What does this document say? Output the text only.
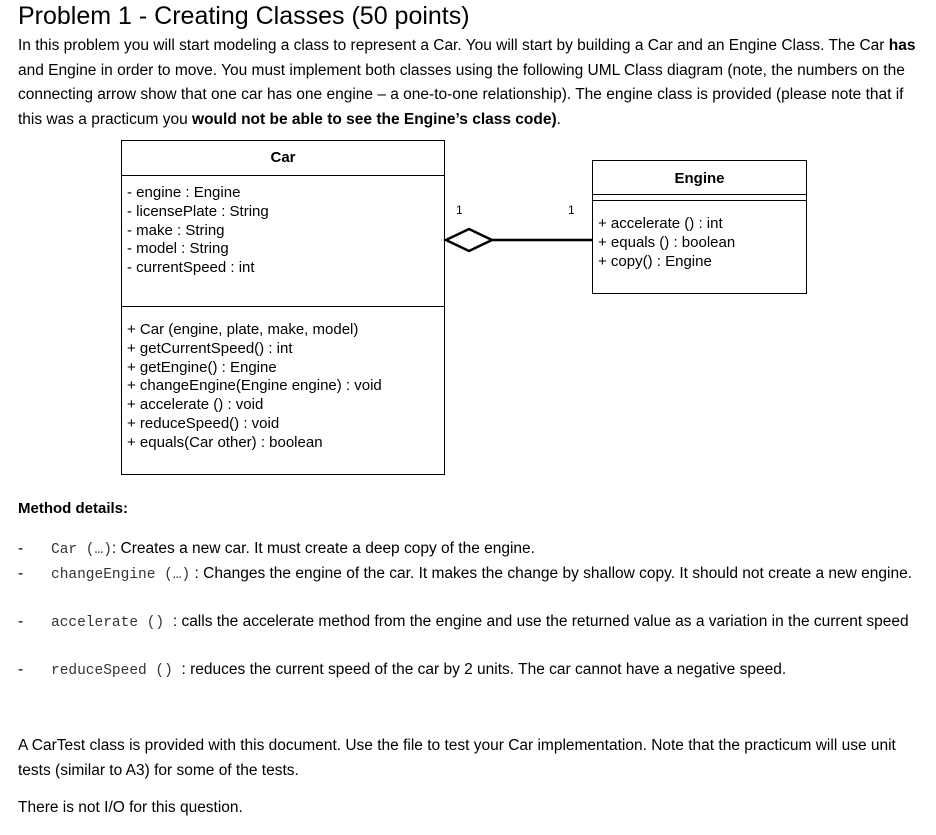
Problem 1 - Creating Classes (50 points)
In this problem you will start modeling a class to represent a Car. You will start by building a Car and an Engine Class. The Car has and Engine in order to move. You must implement both classes using the following UML Class diagram (note, the numbers on the connecting arrow show that one car has one engine – a one-to-one relationship). The engine class is provided (please note that if this was a practicum you would not be able to see the Engine’s class code).
Car
- engine : Engine
- licensePlate : String
- make : String
- model : String
- currentSpeed : int
+ Car (engine, plate, make, model)
+ getCurrentSpeed() : int
+ getEngine() : Engine
+ changeEngine(Engine engine) : void
+ accelerate () : void
+ reduceSpeed() : void
+ equals(Car other) : boolean
Engine
+ accelerate () : int
+ equals () : boolean
+ copy() : Engine
1	1
Method details:
- Car (…): Creates a new car. It must create a deep copy of the engine.
- changeEngine (…) : Changes the engine of the car. It makes the change by shallow copy. It should not create a new engine.
- accelerate () : calls the accelerate method from the engine and use the returned value as a variation in the current speed
- reduceSpeed () : reduces the current speed of the car by 2 units. The car cannot have a negative speed.
A CarTest class is provided with this document. Use the file to test your Car implementation. Note that the practicum will use unit tests (similar to A3) for some of the tests.
There is not I/O for this question.
